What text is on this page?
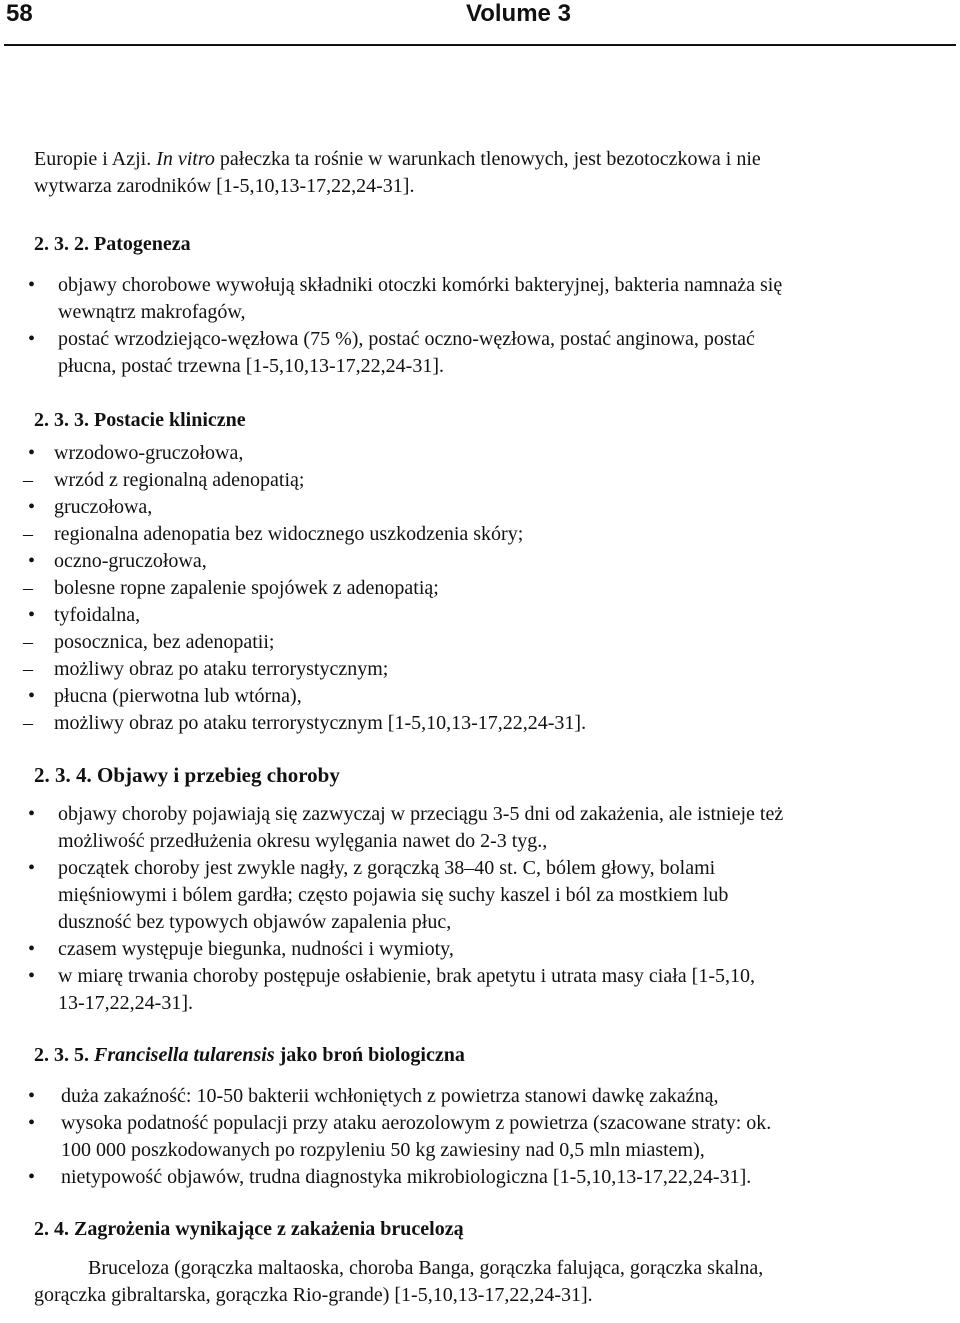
58	Volume 3

Europie i Azji. In vitro pałeczka ta rośnie w warunkach tlenowych, jest bezotoczkowa i nie
wytwarza zarodników [1-5,10,13-17,22,24-31].

2. 3. 2. Patogeneza

• objawy chorobowe wywołują składniki otoczki komórki bakteryjnej, bakteria namnaża się
wewnątrz makrofagów,
• postać wrzodziejąco-węzłowa (75 %), postać oczno-węzłowa, postać anginowa, postać
płucna, postać trzewna [1-5,10,13-17,22,24-31].

2. 3. 3. Postacie kliniczne

• wrzodowo-gruczołowa,
– wrzód z regionalną adenopatią;
• gruczołowa,
– regionalna adenopatia bez widocznego uszkodzenia skóry;
• oczno-gruczołowa,
– bolesne ropne zapalenie spojówek z adenopatią;
• tyfoidalna,
– posocznica, bez adenopatii;
– możliwy obraz po ataku terrorystycznym;
• płucna (pierwotna lub wtórna),
– możliwy obraz po ataku terrorystycznym [1-5,10,13-17,22,24-31].

2. 3. 4. Objawy i przebieg choroby

• objawy choroby pojawiają się zazwyczaj w przeciągu 3-5 dni od zakażenia, ale istnieje też
możliwość przedłużenia okresu wylęgania nawet do 2-3 tyg.,
• początek choroby jest zwykle nagły, z gorączką 38–40 st. C, bólem głowy, bolami
mięśniowymi i bólem gardła; często pojawia się suchy kaszel i ból za mostkiem lub
duszność bez typowych objawów zapalenia płuc,
• czasem występuje biegunka, nudności i wymioty,
• w miarę trwania choroby postępuje osłabienie, brak apetytu i utrata masy ciała [1-5,10,
13-17,22,24-31].

2. 3. 5. Francisella tularensis jako broń biologiczna

• duża zakaźność: 10-50 bakterii wchłoniętych z powietrza stanowi dawkę zakaźną,
• wysoka podatność populacji przy ataku aerozolowym z powietrza (szacowane straty: ok.
100 000 poszkodowanych po rozpyleniu 50 kg zawiesiny nad 0,5 mln miastem),
• nietypowość objawów, trudna diagnostyka mikrobiologiczna [1-5,10,13-17,22,24-31].

2. 4. Zagrożenia wynikające z zakażenia brucelozą

Bruceloza (gorączka maltaoska, choroba Banga, gorączka falująca, gorączka skalna,
gorączka gibraltarska, gorączka Rio-grande) [1-5,10,13-17,22,24-31].
